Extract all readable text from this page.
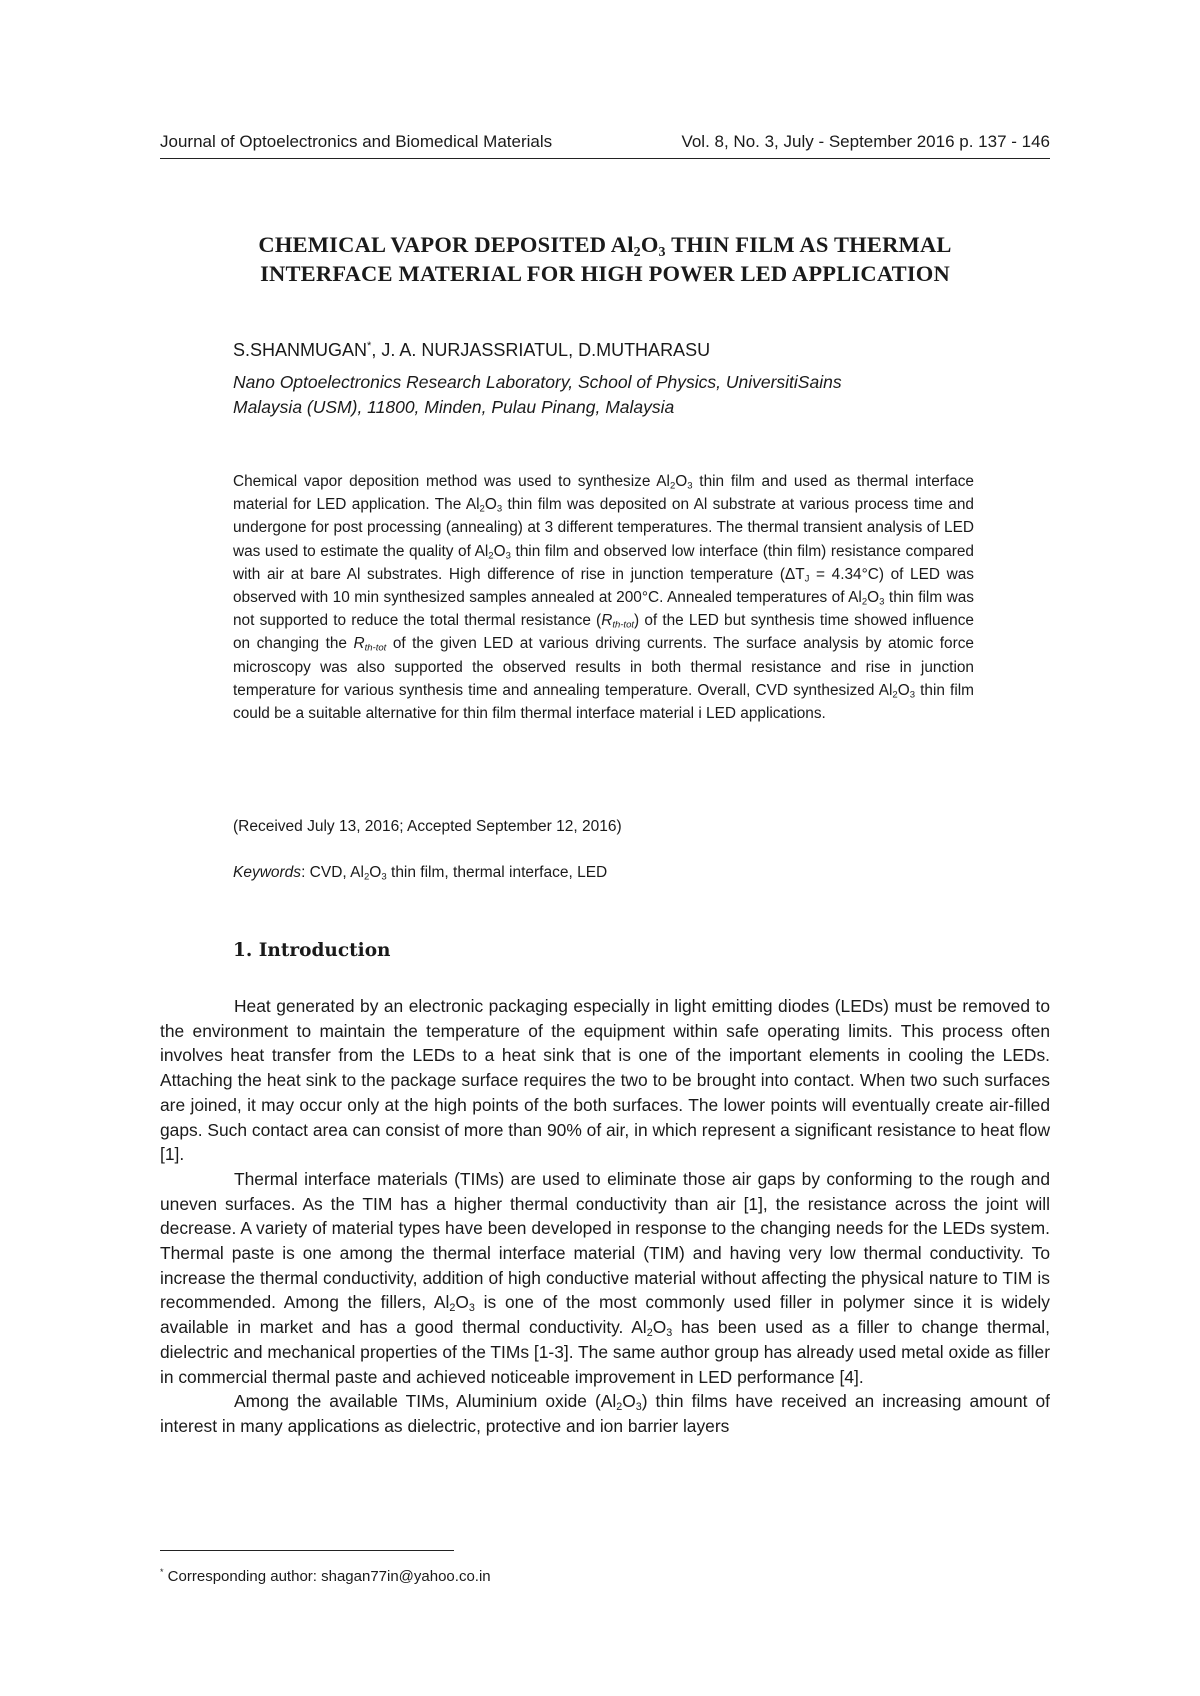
Journal of Optoelectronics and Biomedical Materials	Vol. 8, No. 3, July - September 2016 p. 137 - 146
CHEMICAL VAPOR DEPOSITED $Al_2O_3$ THIN FILM AS THERMAL
INTERFACE MATERIAL FOR HIGH POWER LED APPLICATION
S.SHANMUGAN*, J. A. NURJASSRIATUL, D.MUTHARASU
Nano Optoelectronics Research Laboratory, School of Physics, UniversitiSains
Malaysia (USM), 11800, Minden, Pulau Pinang, Malaysia
Chemical vapor deposition method was used to synthesize $Al_2O_3$ thin film and used as thermal interface material for LED application. The $Al_2O_3$ thin film was deposited on Al substrate at various process time and undergone for post processing (annealing) at 3 different temperatures. The thermal transient analysis of LED was used to estimate the quality of $Al_2O_3$ thin film and observed low interface (thin film) resistance compared with air at bare Al substrates. High difference of rise in junction temperature $(\Delta T_J = 4.34^\circ C)$ of LED was observed with 10 min synthesized samples annealed at 200°C. Annealed temperatures of $Al_2O_3$ thin film was not supported to reduce the total thermal resistance $(R_{th-tot})$ of the LED but synthesis time showed influence on changing the $R_{th-tot}$ of the given LED at various driving currents. The surface analysis by atomic force microscopy was also supported the observed results in both thermal resistance and rise in junction temperature for various synthesis time and annealing temperature. Overall, CVD synthesized $Al_2O_3$ thin film could be a suitable alternative for thin film thermal interface material i LED applications.
(Received July 13, 2016; Accepted September 12, 2016)
Keywords: CVD, $Al_2O_3$ thin film, thermal interface, LED
1. Introduction

Heat generated by an electronic packaging especially in light emitting diodes (LEDs) must be removed to the environment to maintain the temperature of the equipment within safe operating limits. This process often involves heat transfer from the LEDs to a heat sink that is one of the important elements in cooling the LEDs. Attaching the heat sink to the package surface requires the two to be brought into contact. When two such surfaces are joined, it may occur only at the high points of the both surfaces. The lower points will eventually create air-filled gaps. Such contact area can consist of more than 90% of air, in which represent a significant resistance to heat flow [1].

Thermal interface materials (TIMs) are used to eliminate those air gaps by conforming to the rough and uneven surfaces. As the TIM has a higher thermal conductivity than air [1], the resistance across the joint will decrease. A variety of material types have been developed in response to the changing needs for the LEDs system. Thermal paste is one among the thermal interface material (TIM) and having very low thermal conductivity. To increase the thermal conductivity, addition of high conductive material without affecting the physical nature to TIM is recommended. Among the fillers, $Al_2O_3$ is one of the most commonly used filler in polymer since it is widely available in market and has a good thermal conductivity. $Al_2O_3$ has been used as a filler to change thermal, dielectric and mechanical properties of the TIMs [1-3]. The same author group has already used metal oxide as filler in commercial thermal paste and achieved noticeable improvement in LED performance [4].

Among the available TIMs, Aluminium oxide $(Al_2O_3)$ thin films have received an increasing amount of interest in many applications as dielectric, protective and ion barrier layers

* Corresponding author: shagan77in@yahoo.co.in
